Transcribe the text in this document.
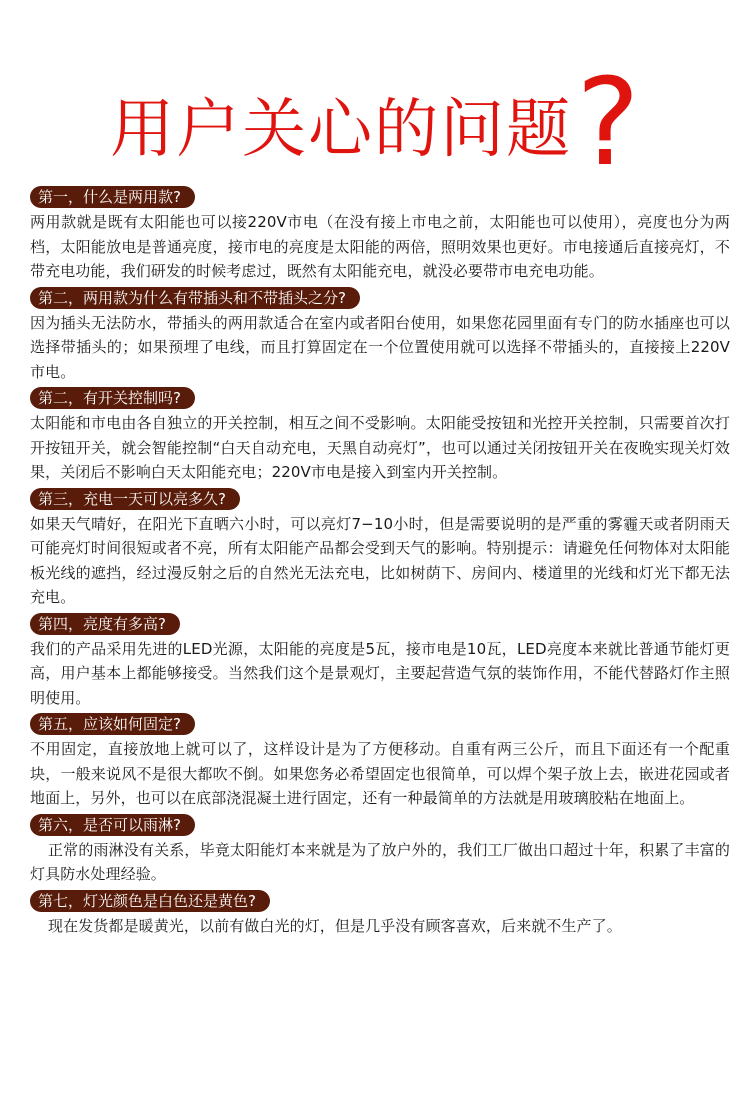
用户关心的问题?
第一，什么是两用款?

两用款就是既有太阳能也可以接220V市电（在没有接上市电之前，太阳能也可以使用），亮度也分为两档，太阳能放电是普通亮度，接市电的亮度是太阳能的两倍，照明效果也更好。市电接通后直接亮灯，不带充电功能，我们研发的时候考虑过，既然有太阳能充电，就没必要带市电充电功能。

第二，两用款为什么有带插头和不带插头之分?

因为插头无法防水，带插头的两用款适合在室内或者阳台使用，如果您花园里面有专门的防水插座也可以选择带插头的；如果预埋了电线，而且打算固定在一个位置使用就可以选择不带插头的，直接接上220V市电。

第二，有开关控制吗?

太阳能和市电由各自独立的开关控制，相互之间不受影响。太阳能受按钮和光控开关控制，只需要首次打开按钮开关，就会智能控制“白天自动充电，天黑自动亮灯”，也可以通过关闭按钮开关在夜晚实现关灯效果，关闭后不影响白天太阳能充电；220V市电是接入到室内开关控制。

第三，充电一天可以亮多久?

如果天气晴好，在阳光下直晒六小时，可以亮灯7−10小时，但是需要说明的是严重的雾霾天或者阴雨天可能亮灯时间很短或者不亮，所有太阳能产品都会受到天气的影响。特别提示：请避免任何物体对太阳能板光线的遮挡，经过漫反射之后的自然光无法充电，比如树荫下、房间内、楼道里的光线和灯光下都无法充电。

第四，亮度有多高?

我们的产品采用先进的LED光源，太阳能的亮度是5瓦，接市电是10瓦，LED亮度本来就比普通节能灯更高，用户基本上都能够接受。当然我们这个是景观灯，主要起营造气氛的装饰作用，不能代替路灯作主照明使用。

第五，应该如何固定?

不用固定，直接放地上就可以了，这样设计是为了方便移动。自重有两三公斤，而且下面还有一个配重块，一般来说风不是很大都吹不倒。如果您务必希望固定也很简单，可以焊个架子放上去，嵌进花园或者地面上，另外，也可以在底部浇混凝土进行固定，还有一种最简单的方法就是用玻璃胶粘在地面上。

第六，是否可以雨淋?

正常的雨淋没有关系，毕竟太阳能灯本来就是为了放户外的，我们工厂做出口超过十年，积累了丰富的灯具防水处理经验。

第七，灯光颜色是白色还是黄色?

现在发货都是暖黄光，以前有做白光的灯，但是几乎没有顾客喜欢，后来就不生产了。
